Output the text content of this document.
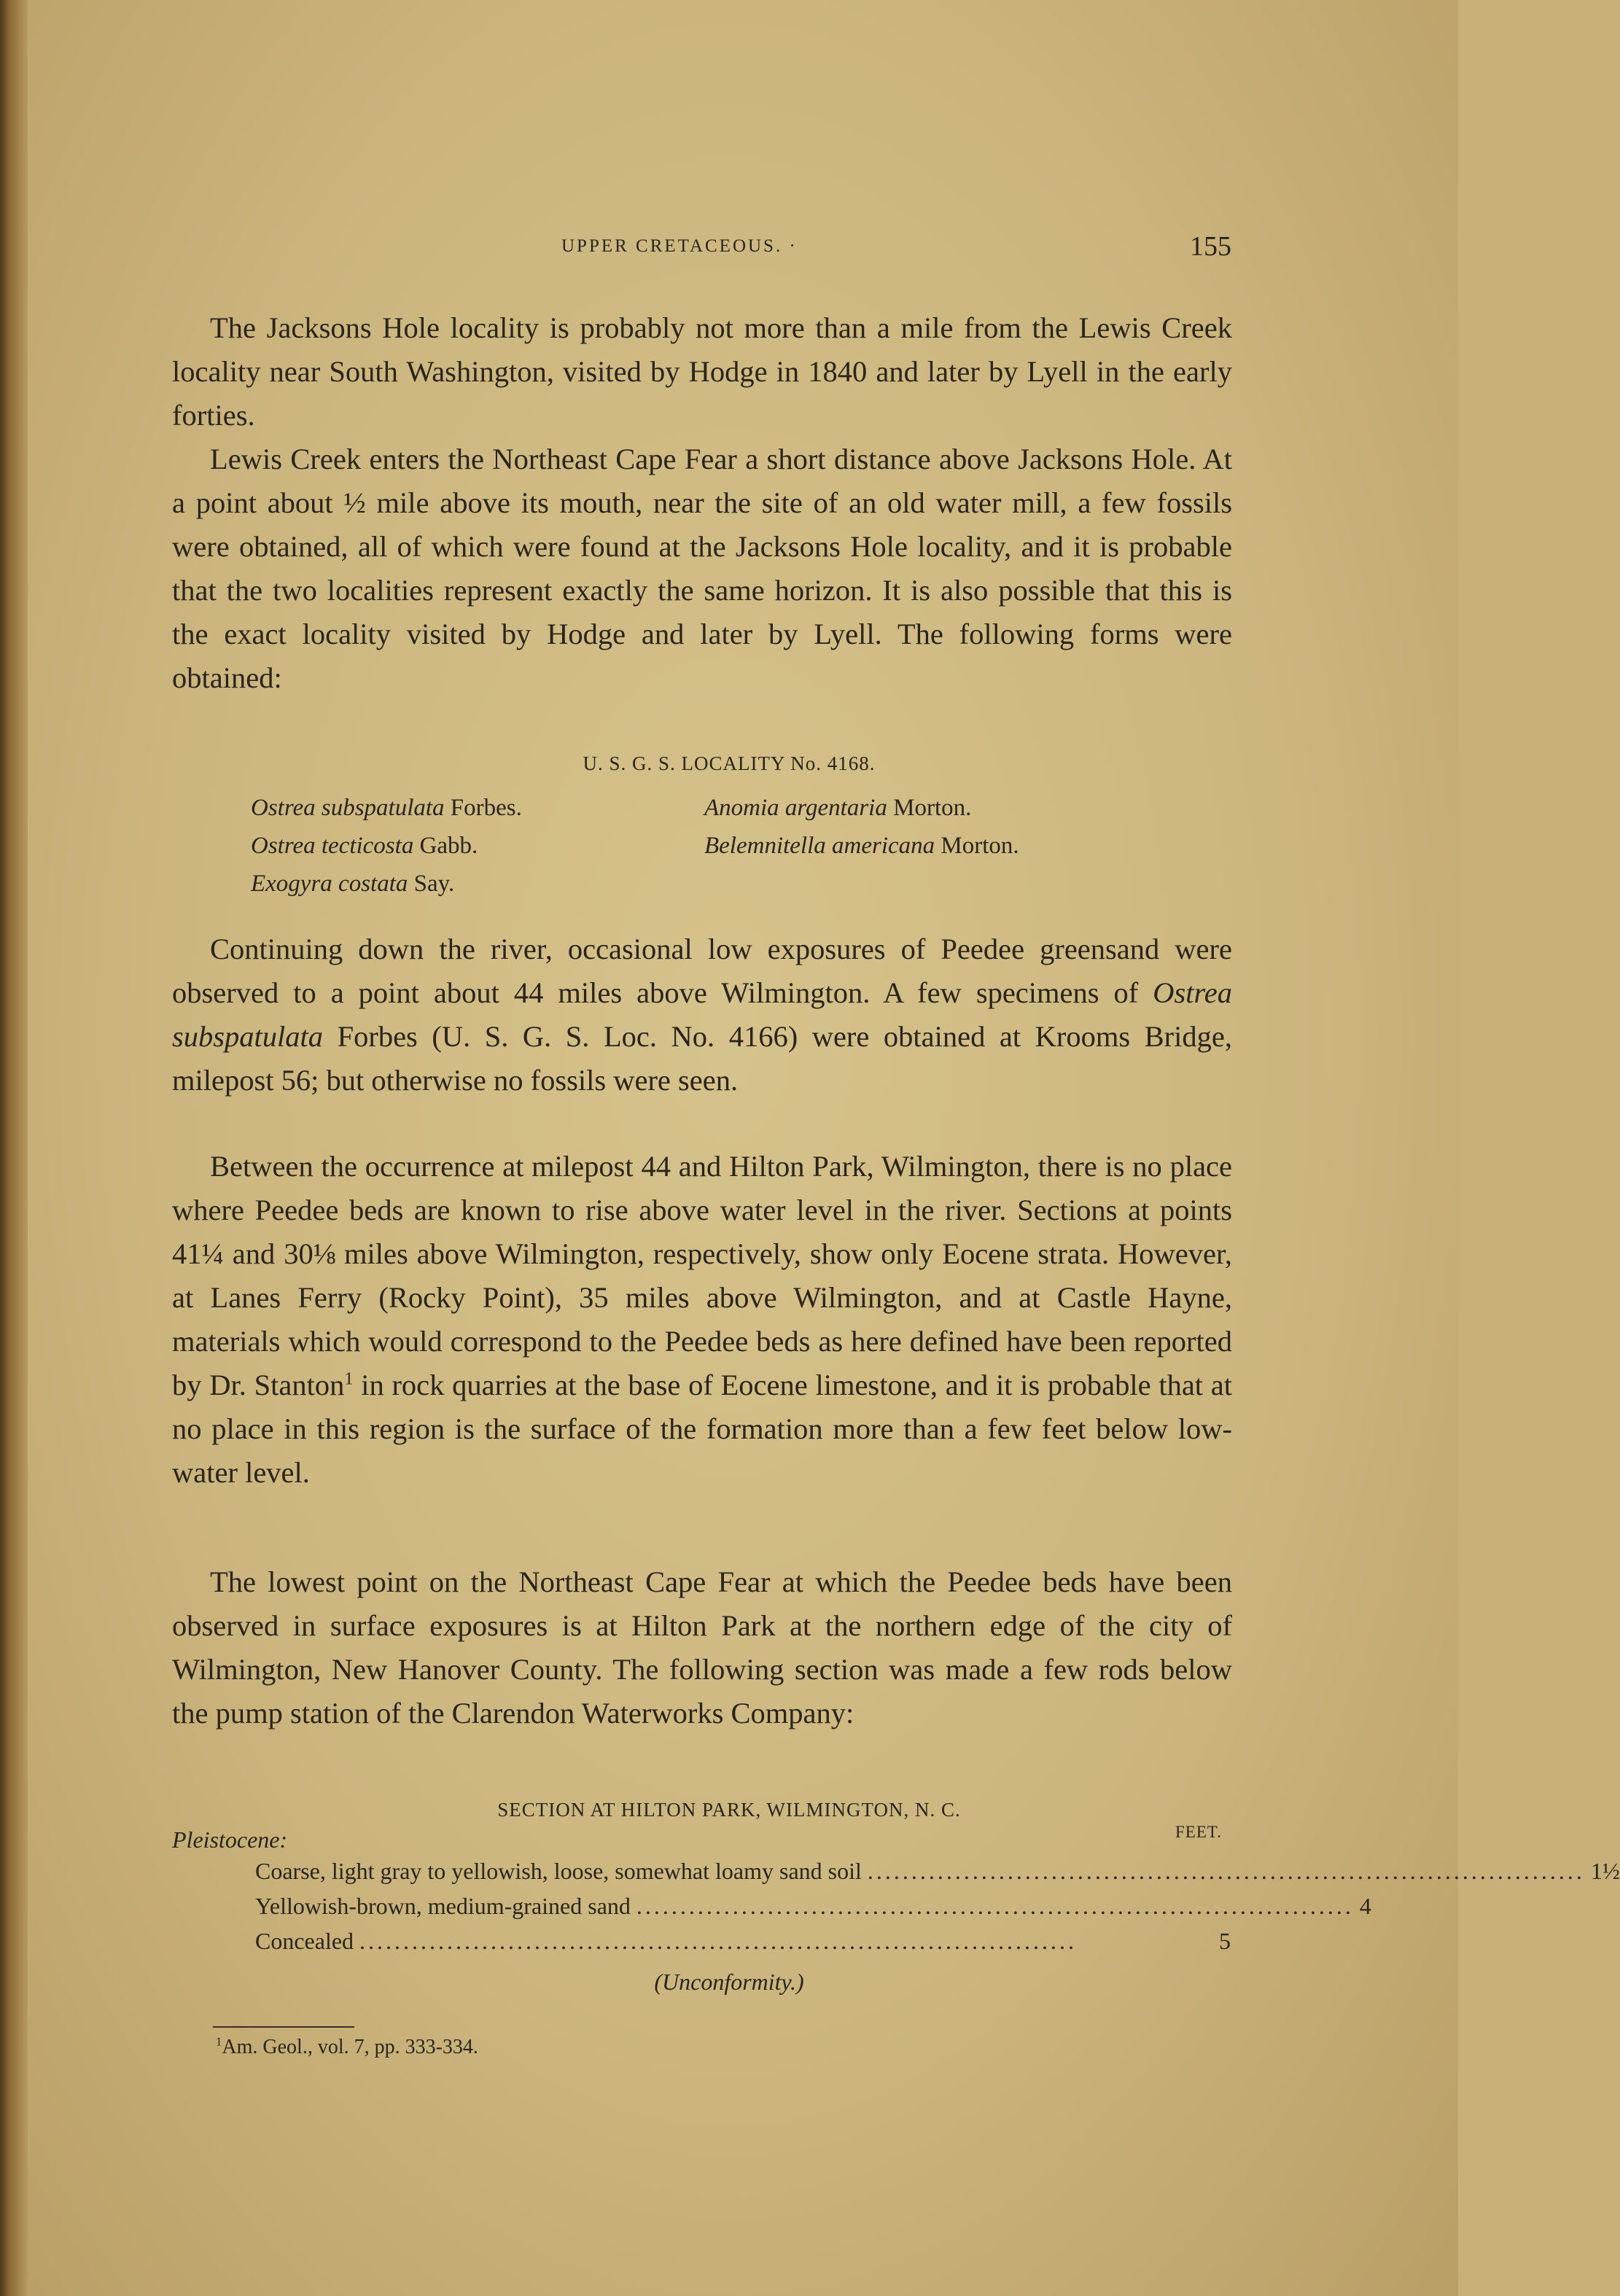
UPPER CRETACEOUS. ·	155

The Jacksons Hole locality is probably not more than a mile from the Lewis Creek locality near South Washington, visited by Hodge in 1840 and later by Lyell in the early forties.

Lewis Creek enters the Northeast Cape Fear a short distance above Jacksons Hole. At a point about ½ mile above its mouth, near the site of an old water mill, a few fossils were obtained, all of which were found at the Jacksons Hole locality, and it is probable that the two localities represent exactly the same horizon. It is also possible that this is the exact locality visited by Hodge and later by Lyell. The following forms were obtained:

U. S. G. S. LOCALITY No. 4168.
Ostrea subspatulata Forbes.	Anomia argentaria Morton.
Ostrea tecticosta Gabb.	Belemnitella americana Morton.
Exogyra costata Say.

Continuing down the river, occasional low exposures of Peedee greensand were observed to a point about 44 miles above Wilmington. A few specimens of Ostrea subspatulata Forbes (U. S. G. S. Loc. No. 4166) were obtained at Krooms Bridge, milepost 56; but otherwise no fossils were seen.

Between the occurrence at milepost 44 and Hilton Park, Wilmington, there is no place where Peedee beds are known to rise above water level in the river. Sections at points 41¼ and 30⅛ miles above Wilmington, respectively, show only Eocene strata. However, at Lanes Ferry (Rocky Point), 35 miles above Wilmington, and at Castle Hayne, materials which would correspond to the Peedee beds as here defined have been reported by Dr. Stanton$^1$ in rock quarries at the base of Eocene limestone, and it is probable that at no place in this region is the surface of the formation more than a few feet below low-water level.

The lowest point on the Northeast Cape Fear at which the Peedee beds have been observed in surface exposures is at Hilton Park at the northern edge of the city of Wilmington, New Hanover County. The following section was made a few rods below the pump station of the Clarendon Waterworks Company:

SECTION AT HILTON PARK, WILMINGTON, N. C.
Pleistocene:	FEET.
Coarse, light gray to yellowish, loose, somewhat loamy sand soil .................................................................................. 1½
Yellowish-brown, medium-grained sand .................................................................................. 4
Concealed ..................................................................................	5
(Unconformity.)
$^1$Am. Geol., vol. 7, pp. 333-334.
